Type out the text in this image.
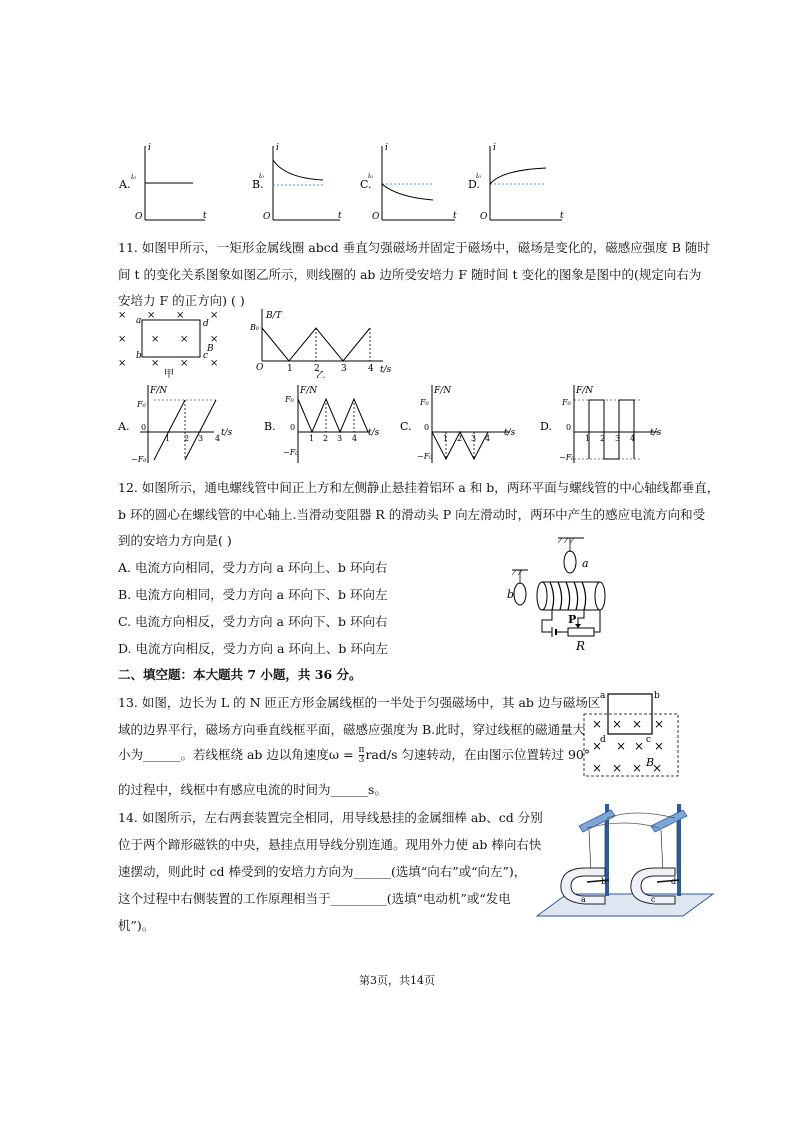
A.
i
t
O
i₀
B.
i
t
O
i₀
C.
i
t
O
i₀
D.
i
t
O
i₀
11. 如图甲所示，一矩形金属线圈 abcd 垂直匀强磁场并固定于磁场中，磁场是变化的，磁感应强度 B 随时
间 t 的变化关系图象如图乙所示，则线圈的 ab 边所受安培力 F 随时间 t 变化的图象是图中的(规定向右为
安培力 F 的正方向) ( )
× × ×	×
× × × ×
× × × ×
a	d
b	c
B
甲
B/T
B₀
O	1 2 3 4 t/s
乙
A.
F/N
F₀
−F₀
0
1 2 3 4
t/s	B.
F/N
F₀
−F₀
0
1 2 3 4
t/s C.
F/N
F₀
−F₀
0
1 2 3 4
t/s D.
F/N
F₀
−F₀
0
1 2 3 4
t/s
12. 如图所示，通电螺线管中间正上方和左侧静止悬挂着铝环 a 和 b，两环平面与螺线管的中心轴线都垂直，
b 环的圆心在螺线管的中心轴上.当滑动变阻器 R 的滑动头 P 向左滑动时，两环中产生的感应电流方向和受
到的安培力方向是( )
A. 电流方向相同，受力方向 a 环向上、b 环向右
B. 电流方向相同，受力方向 a 环向下、b 环向左
C. 电流方向相反，受力方向 a 环向下、b 环向右
D. 电流方向相反，受力方向 a 环向上、b 环向左
a
b
P
R
二、填空题：本大题共 7 小题，共 36 分。
13. 如图，边长为 L 的 N 匝正方形金属线框的一半处于匀强磁场中，其 ab 边与磁场区
域的边界平行，磁场方向垂直线框平面，磁感应强度为 B.此时，穿过线框的磁通量大
小为______。若线框绕 ab 边以角速度$\omega = \frac{\pi}{3} rad/s$ 匀速转动，在由图示位置转过 90°
的过程中，线框中有感应电流的时间为______s。
a	b
d	c
× × × ×
× × × ×
× × × ×
B
14. 如图所示，左右两套装置完全相同，用导线悬挂的金属细棒 ab、cd 分别
位于两个蹄形磁铁的中央，悬挂点用导线分别连通。现用外力使 ab 棒向右快
速摆动，则此时 cd 棒受到的安培力方向为______(选填“向右”或“向左”)，
这个过程中右侧装置的工作原理相当于_________(选填“电动机”或“发电
机”)。
a
b
c
d
第3页，共14页
